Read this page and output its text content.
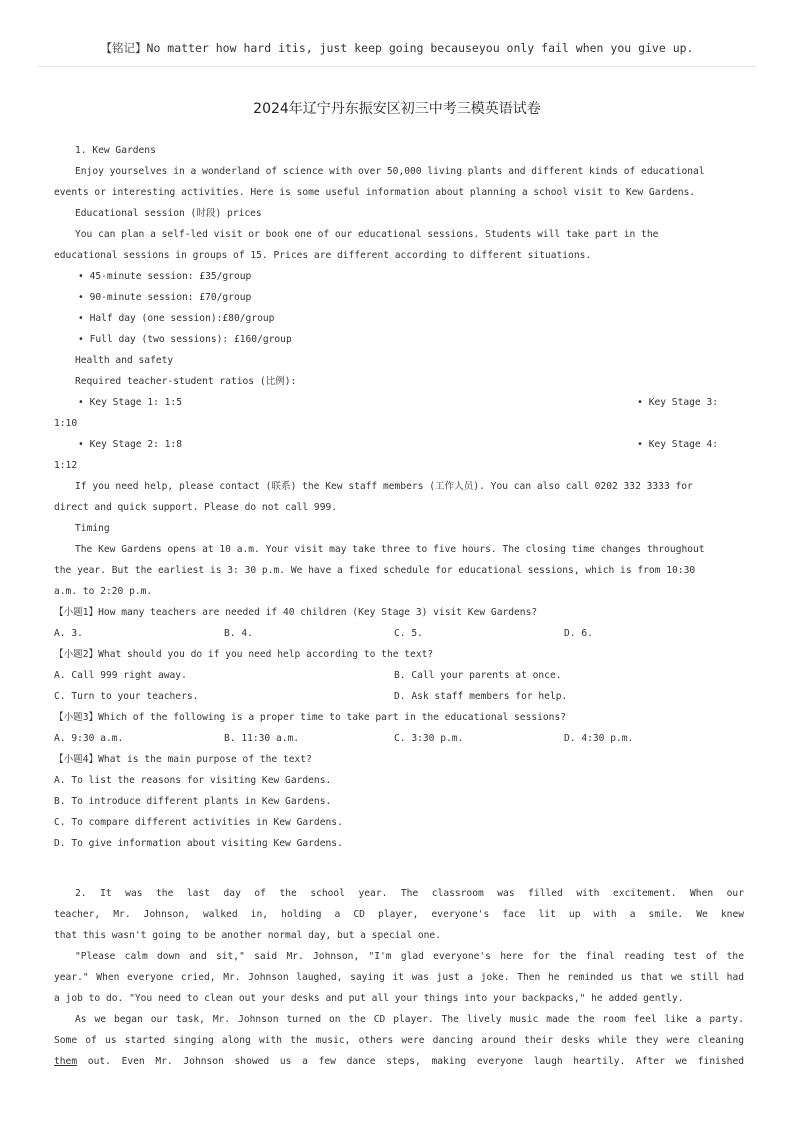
【铭记】No matter how hard itis, just keep going becauseyou only fail when you give up.
2024年辽宁丹东振安区初三中考三模英语试卷
1. Kew Gardens
Enjoy yourselves in a wonderland of science with over 50,000 living plants and different kinds of educational
events or interesting activities. Here is some useful information about planning a school visit to Kew Gardens.
Educational session (时段) prices
You can plan a self-led visit or book one of our educational sessions. Students will take part in the
educational sessions in groups of 15. Prices are different according to different situations.
• 45-minute session: £35/group
• 90-minute session: £70/group
• Half day (one session):£80/group
• Full day (two sessions): £160/group
Health and safety
Required teacher-student ratios (比例):
• Key Stage 1: 1:5	• Key Stage 3:
1:10
• Key Stage 2: 1:8	• Key Stage 4:
1:12
If you need help, please contact (联系) the Kew staff members (工作人员). You can also call 0202 332 3333 for
direct and quick support. Please do not call 999.
Timing
The Kew Gardens opens at 10 a.m. Your visit may take three to five hours. The closing time changes throughout
the year. But the earliest is 3: 30 p.m. We have a fixed schedule for educational sessions, which is from 10:30
a.m. to 2:20 p.m.
【小题1】How many teachers are needed if 40 children (Key Stage 3) visit Kew Gardens?
A. 3.	B. 4.	C. 5.	D. 6.
【小题2】What should you do if you need help according to the text?
A. Call 999 right away.	B. Call your parents at once.
C. Turn to your teachers.	D. Ask staff members for help.
【小题3】Which of the following is a proper time to take part in the educational sessions?
A. 9:30 a.m.	B. 11:30 a.m.	C. 3:30 p.m.	D. 4:30 p.m.
【小题4】What is the main purpose of the text?
A. To list the reasons for visiting Kew Gardens.
B. To introduce different plants in Kew Gardens.
C. To compare different activities in Kew Gardens.
D. To give information about visiting Kew Gardens.
2. It was the last day of the school year. The classroom was filled with excitement. When our
teacher, Mr. Johnson, walked in, holding a CD player, everyone's face lit up with a smile. We knew
that this wasn't going to be another normal day, but a special one.
"Please calm down and sit," said Mr. Johnson, "I'm glad everyone's here for the final reading test of the
year." When everyone cried, Mr. Johnson laughed, saying it was just a joke. Then he reminded us that we still had
a job to do. "You need to clean out your desks and put all your things into your backpacks," he added gently.
As we began our task, Mr. Johnson turned on the CD player. The lively music made the room feel like a party.
Some of us started singing along with the music, others were dancing around their desks while they were cleaning
them out. Even Mr. Johnson showed us a few dance steps, making everyone laugh heartily. After we finished
